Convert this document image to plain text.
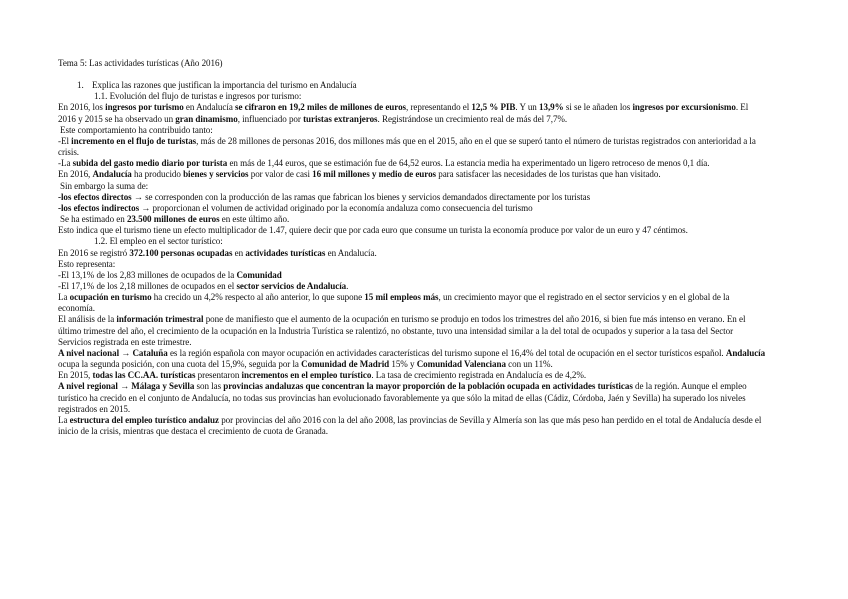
Tema 5: Las actividades turísticas (Año 2016)

1. Explica las razones que justifican la importancia del turismo en Andalucía

1.1. Evolución del flujo de turistas e ingresos por turismo:

En 2016, los ingresos por turismo en Andalucía se cifraron en 19,2 miles de millones de euros, representando el 12,5 % PIB. Y un 13,9% si se le añaden los ingresos por excursionismo. El 2016 y 2015 se ha observado un gran dinamismo, influenciado por turistas extranjeros. Registrándose un crecimiento real de más del 7,7%.

Este comportamiento ha contribuido tanto:

-El incremento en el flujo de turistas, más de 28 millones de personas 2016, dos millones más que en el 2015, año en el que se superó tanto el número de turistas registrados con anterioridad a la crisis.

-La subida del gasto medio diario por turista en más de 1,44 euros, que se estimación fue de 64,52 euros. La estancia media ha experimentado un ligero retroceso de menos 0,1 día.

En 2016, Andalucía ha producido bienes y servicios por valor de casi 16 mil millones y medio de euros para satisfacer las necesidades de los turistas que han visitado.

Sin embargo la suma de:

-los efectos directos → se corresponden con la producción de las ramas que fabrican los bienes y servicios demandados directamente por los turistas

-los efectos indirectos → proporcionan el volumen de actividad originado por la economía andaluza como consecuencia del turismo

Se ha estimado en 23.500 millones de euros en este último año.

Esto indica que el turismo tiene un efecto multiplicador de 1.47, quiere decir que por cada euro que consume un turista la economía produce por valor de un euro y 47 céntimos.

1.2. El empleo en el sector turístico:

En 2016 se registró 372.100 personas ocupadas en actividades turísticas en Andalucía.

Esto representa:

-El 13,1% de los 2,83 millones de ocupados de la Comunidad

-El 17,1% de los 2,18 millones de ocupados en el sector servicios de Andalucía.

La ocupación en turismo ha crecido un 4,2% respecto al año anterior, lo que supone 15 mil empleos más, un crecimiento mayor que el registrado en el sector servicios y en el global de la economía.

El análisis de la información trimestral pone de manifiesto que el aumento de la ocupación en turismo se produjo en todos los trimestres del año 2016, si bien fue más intenso en verano. En el último trimestre del año, el crecimiento de la ocupación en la Industria Turística se ralentizó, no obstante, tuvo una intensidad similar a la del total de ocupados y superior a la tasa del Sector Servicios registrada en este trimestre.

A nivel nacional → Cataluña es la región española con mayor ocupación en actividades características del turismo supone el 16,4% del total de ocupación en el sector turísticos español. Andalucía ocupa la segunda posición, con una cuota del 15,9%, seguida por la Comunidad de Madrid 15% y Comunidad Valenciana con un 11%.

En 2015, todas las CC.AA. turísticas presentaron incrementos en el empleo turístico. La tasa de crecimiento registrada en Andalucía es de 4,2%.

A nivel regional → Málaga y Sevilla son las provincias andaluzas que concentran la mayor proporción de la población ocupada en actividades turísticas de la región. Aunque el empleo turístico ha crecido en el conjunto de Andalucía, no todas sus provincias han evolucionado favorablemente ya que sólo la mitad de ellas (Cádiz, Córdoba, Jaén y Sevilla) ha superado los niveles registrados en 2015.

La estructura del empleo turístico andaluz por provincias del año 2016 con la del año 2008, las provincias de Sevilla y Almería son las que más peso han perdido en el total de Andalucía desde el inicio de la crisis, mientras que destaca el crecimiento de cuota de Granada.
